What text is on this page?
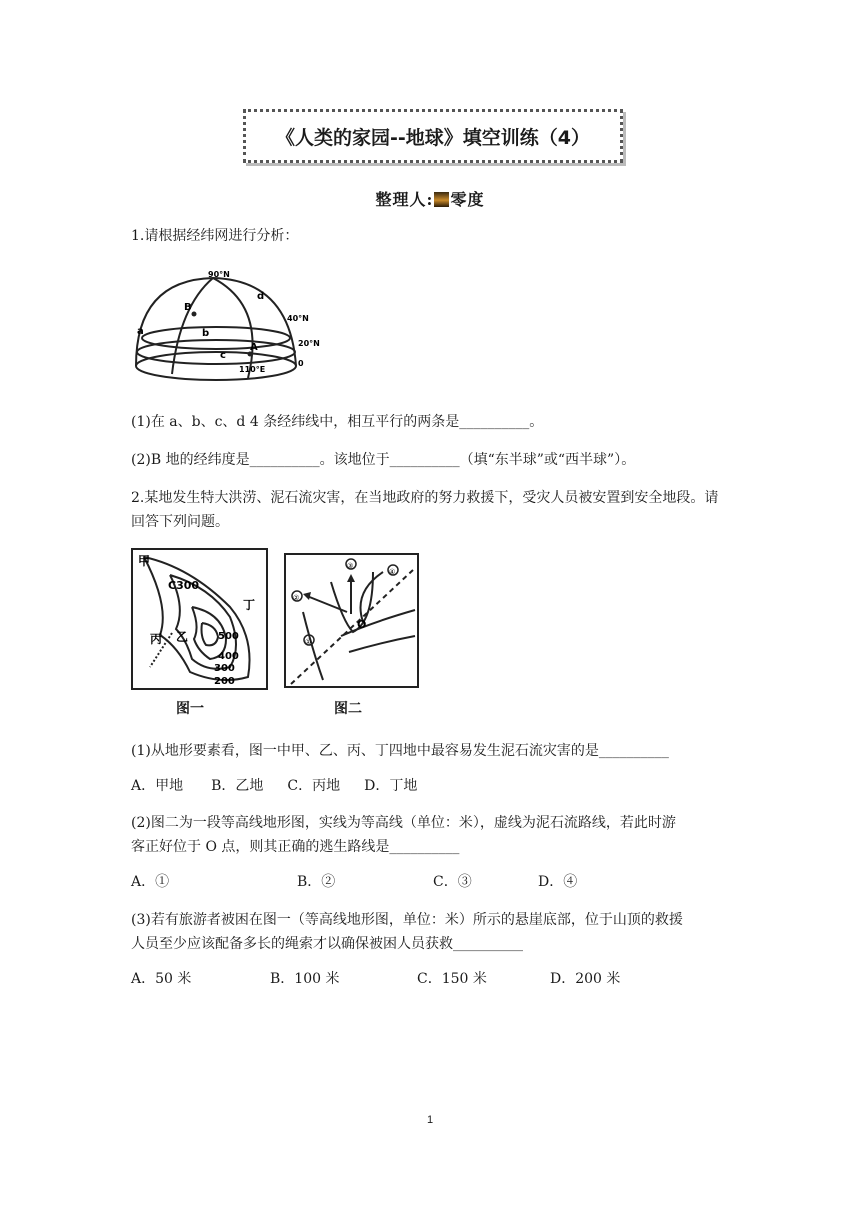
《人类的家园--地球》填空训练（4）
整理人: 零度
1.请根据经纬网进行分析：
90°N
40°N
20°N
0
110°E
B
A
a	b
c
d
(1)在 a、b、c、d 4 条经纬线中，相互平行的两条是__________。
(2)B 地的经纬度是__________。该地位于__________（填“东半球”或“西半球”）。
2.某地发生特大洪涝、泥石流灾害，在当地政府的努力救援下，受灾人员被安置到安全地段。请回答下列问题。
甲
C300
乙
丙
丁
500
400
300
200
图一
③
②
①
④
O
图二
(1)从地形要素看，图一中甲、乙、丙、丁四地中最容易发生泥石流灾害的是__________
A．甲地 B．乙地 C．丙地 D．丁地
(2)图二为一段等高线地形图，实线为等高线（单位：米），虚线为泥石流路线，若此时游
客正好位于 O 点，则其正确的逃生路线是__________
A．①	B．②	C．③	D．④
(3)若有旅游者被困在图一（等高线地形图，单位：米）所示的悬崖底部，位于山顶的救援
人员至少应该配备多长的绳索才以确保被困人员获救__________
A．50 米	B．100 米	C．150 米	D．200 米
1
